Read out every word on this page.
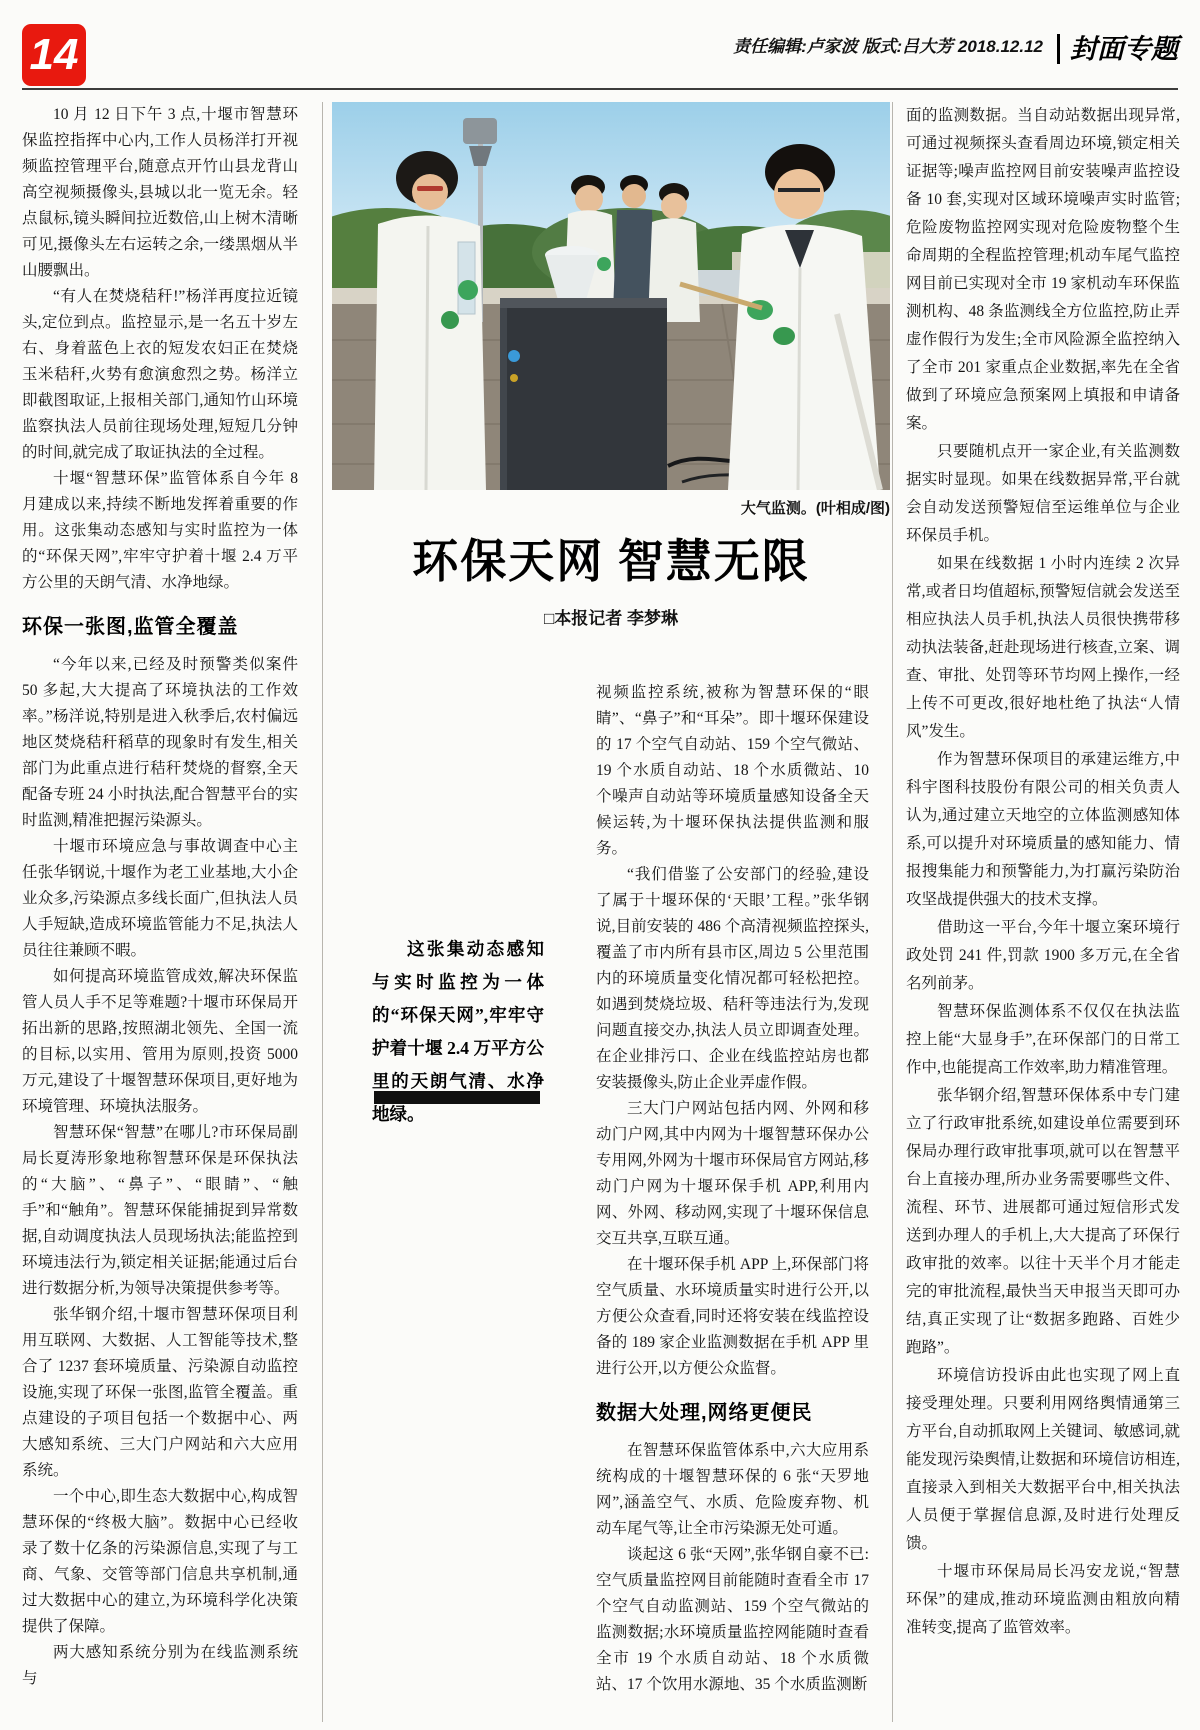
14	责任编辑:卢家波 版式:吕大芳 2018.12.12 封面专题

10 月 12 日下午 3 点,十堰市智慧环保监控指挥中心内,工作人员杨洋打开视频监控管理平台,随意点开竹山县龙背山高空视频摄像头,县城以北一览无余。轻点鼠标,镜头瞬间拉近数倍,山上树木清晰可见,摄像头左右运转之余,一缕黑烟从半山腰飘出。

“有人在焚烧秸秆!”杨洋再度拉近镜头,定位到点。监控显示,是一名五十岁左右、身着蓝色上衣的短发农妇正在焚烧玉米秸秆,火势有愈演愈烈之势。杨洋立即截图取证,上报相关部门,通知竹山环境监察执法人员前往现场处理,短短几分钟的时间,就完成了取证执法的全过程。

十堰“智慧环保”监管体系自今年 8 月建成以来,持续不断地发挥着重要的作用。这张集动态感知与实时监控为一体的“环保天网”,牢牢守护着十堰 2.4 万平方公里的天朗气清、水净地绿。

环保一张图,监管全覆盖

“今年以来,已经及时预警类似案件 50 多起,大大提高了环境执法的工作效率。”杨洋说,特别是进入秋季后,农村偏远地区焚烧秸秆稻草的现象时有发生,相关部门为此重点进行秸秆焚烧的督察,全天配备专班 24 小时执法,配合智慧平台的实时监测,精准把握污染源头。

十堰市环境应急与事故调查中心主任张华钢说,十堰作为老工业基地,大小企业众多,污染源点多线长面广,但执法人员人手短缺,造成环境监管能力不足,执法人员往往兼顾不暇。

如何提高环境监管成效,解决环保监管人员人手不足等难题?十堰市环保局开拓出新的思路,按照湖北领先、全国一流的目标,以实用、管用为原则,投资 5000 万元,建设了十堰智慧环保项目,更好地为环境管理、环境执法服务。

智慧环保“智慧”在哪儿?市环保局副局长夏涛形象地称智慧环保是环保执法的“大脑”、“鼻子”、“眼睛”、“触手”和“触角”。智慧环保能捕捉到异常数据,自动调度执法人员现场执法;能监控到环境违法行为,锁定相关证据;能通过后台进行数据分析,为领导决策提供参考等。

张华钢介绍,十堰市智慧环保项目利用互联网、大数据、人工智能等技术,整合了 1237 套环境质量、污染源自动监控设施,实现了环保一张图,监管全覆盖。重点建设的子项目包括一个数据中心、两大感知系统、三大门户网站和六大应用系统。

一个中心,即生态大数据中心,构成智慧环保的“终极大脑”。数据中心已经收录了数十亿条的污染源信息,实现了与工商、气象、交管等部门信息共享机制,通过大数据中心的建立,为环境科学化决策提供了保障。

两大感知系统分别为在线监测系统与

大气监测。(叶相成/图)
环保天网 智慧无限
□本报记者 李梦琳

这张集动态感知与实时监控为一体的“环保天网”,牢牢守护着十堰 2.4 万平方公里的天朗气清、水净地绿。

视频监控系统,被称为智慧环保的“眼睛”、“鼻子”和“耳朵”。即十堰环保建设的 17 个空气自动站、159 个空气微站、19 个水质自动站、18 个水质微站、10 个噪声自动站等环境质量感知设备全天候运转,为十堰环保执法提供监测和服务。

“我们借鉴了公安部门的经验,建设了属于十堰环保的‘天眼’工程。”张华钢说,目前安装的 486 个高清视频监控探头,覆盖了市内所有县市区,周边 5 公里范围内的环境质量变化情况都可轻松把控。如遇到焚烧垃圾、秸秆等违法行为,发现问题直接交办,执法人员立即调查处理。在企业排污口、企业在线监控站房也都安装摄像头,防止企业弄虚作假。

三大门户网站包括内网、外网和移动门户网,其中内网为十堰智慧环保办公专用网,外网为十堰市环保局官方网站,移动门户网为十堰环保手机 APP,利用内网、外网、移动网,实现了十堰环保信息交互共享,互联互通。

在十堰环保手机 APP 上,环保部门将空气质量、水环境质量实时进行公开,以方便公众查看,同时还将安装在线监控设备的 189 家企业监测数据在手机 APP 里进行公开,以方便公众监督。

数据大处理,网络更便民

在智慧环保监管体系中,六大应用系统构成的十堰智慧环保的 6 张“天罗地网”,涵盖空气、水质、危险废弃物、机动车尾气等,让全市污染源无处可遁。

谈起这 6 张“天网”,张华钢自豪不已:空气质量监控网目前能随时查看全市 17 个空气自动监测站、159 个空气微站的监测数据;水环境质量监控网能随时查看全市 19 个水质自动站、18 个水质微站、17 个饮用水源地、35 个水质监测断

面的监测数据。当自动站数据出现异常,可通过视频探头查看周边环境,锁定相关证据等;噪声监控网目前安装噪声监控设备 10 套,实现对区域环境噪声实时监管;危险废物监控网实现对危险废物整个生命周期的全程监控管理;机动车尾气监控网目前已实现对全市 19 家机动车环保监测机构、48 条监测线全方位监控,防止弄虚作假行为发生;全市风险源全监控纳入了全市 201 家重点企业数据,率先在全省做到了环境应急预案网上填报和申请备案。

只要随机点开一家企业,有关监测数据实时显现。如果在线数据异常,平台就会自动发送预警短信至运维单位与企业环保员手机。

如果在线数据 1 小时内连续 2 次异常,或者日均值超标,预警短信就会发送至相应执法人员手机,执法人员很快携带移动执法装备,赶赴现场进行核查,立案、调查、审批、处罚等环节均网上操作,一经上传不可更改,很好地杜绝了执法“人情风”发生。

作为智慧环保项目的承建运维方,中科宇图科技股份有限公司的相关负责人认为,通过建立天地空的立体监测感知体系,可以提升对环境质量的感知能力、情报搜集能力和预警能力,为打赢污染防治攻坚战提供强大的技术支撑。

借助这一平台,今年十堰立案环境行政处罚 241 件,罚款 1900 多万元,在全省名列前茅。

智慧环保监测体系不仅仅在执法监控上能“大显身手”,在环保部门的日常工作中,也能提高工作效率,助力精准管理。

张华钢介绍,智慧环保体系中专门建立了行政审批系统,如建设单位需要到环保局办理行政审批事项,就可以在智慧平台上直接办理,所办业务需要哪些文件、流程、环节、进展都可通过短信形式发送到办理人的手机上,大大提高了环保行政审批的效率。以往十天半个月才能走完的审批流程,最快当天申报当天即可办结,真正实现了让“数据多跑路、百姓少跑路”。

环境信访投诉由此也实现了网上直接受理处理。只要利用网络舆情通第三方平台,自动抓取网上关键词、敏感词,就能发现污染舆情,让数据和环境信访相连,直接录入到相关大数据平台中,相关执法人员便于掌握信息源,及时进行处理反馈。

十堰市环保局局长冯安龙说,“智慧环保”的建成,推动环境监测由粗放向精准转变,提高了监管效率。
